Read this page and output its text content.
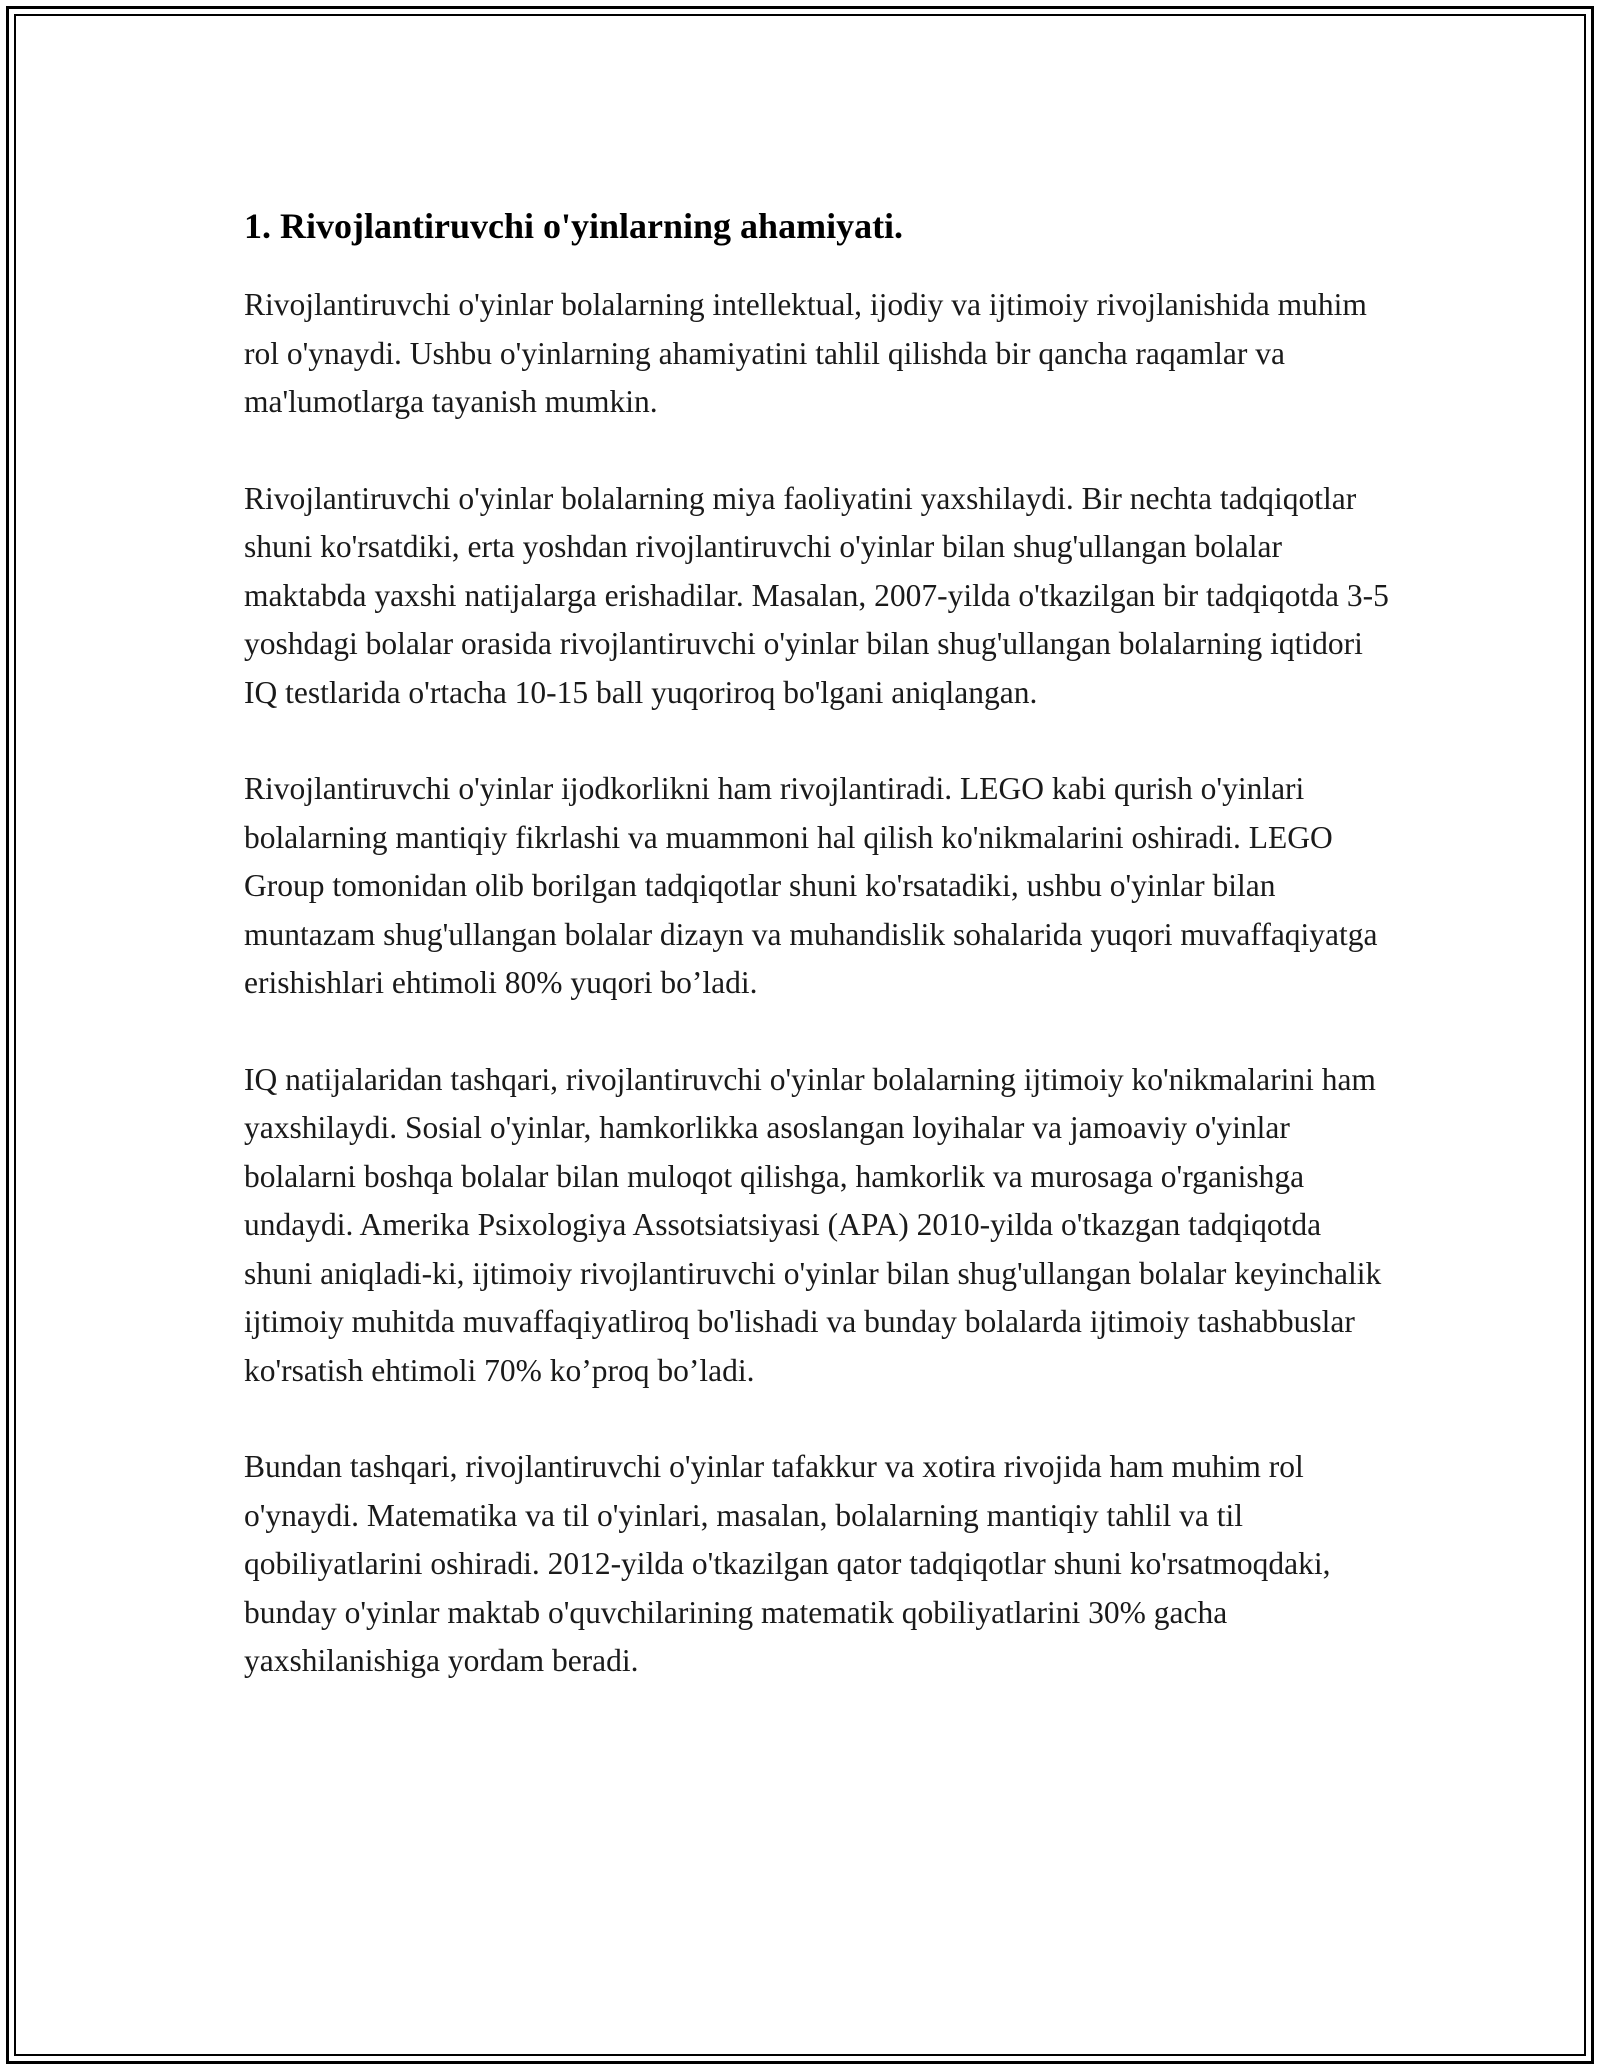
1. Rivojlantiruvchi o'yinlarning ahamiyati.

Rivojlantiruvchi o'yinlar bolalarning intellektual, ijodiy va ijtimoiy rivojlanishida muhim rol o'ynaydi. Ushbu o'yinlarning ahamiyatini tahlil qilishda bir qancha raqamlar va ma'lumotlarga tayanish mumkin.

Rivojlantiruvchi o'yinlar bolalarning miya faoliyatini yaxshilaydi. Bir nechta tadqiqotlar shuni ko'rsatdiki, erta yoshdan rivojlantiruvchi o'yinlar bilan shug'ullangan bolalar maktabda yaxshi natijalarga erishadilar. Masalan, 2007-yilda o'tkazilgan bir tadqiqotda 3-5 yoshdagi bolalar orasida rivojlantiruvchi o'yinlar bilan shug'ullangan bolalarning iqtidori IQ testlarida o'rtacha 10-15 ball yuqoriroq bo'lgani aniqlangan.

Rivojlantiruvchi o'yinlar ijodkorlikni ham rivojlantiradi. LEGO kabi qurish o'yinlari bolalarning mantiqiy fikrlashi va muammoni hal qilish ko'nikmalarini oshiradi. LEGO Group tomonidan olib borilgan tadqiqotlar shuni ko'rsatadiki, ushbu o'yinlar bilan muntazam shug'ullangan bolalar dizayn va muhandislik sohalarida yuqori muvaffaqiyatga erishishlari ehtimoli 80% yuqori bo’ladi.

IQ natijalaridan tashqari, rivojlantiruvchi o'yinlar bolalarning ijtimoiy ko'nikmalarini ham yaxshilaydi. Sosial o'yinlar, hamkorlikka asoslangan loyihalar va jamoaviy o'yinlar bolalarni boshqa bolalar bilan muloqot qilishga, hamkorlik va murosaga o'rganishga undaydi. Amerika Psixologiya Assotsiatsiyasi (APA) 2010-yilda o'tkazgan tadqiqotda shuni aniqladi-ki, ijtimoiy rivojlantiruvchi o'yinlar bilan shug'ullangan bolalar keyinchalik ijtimoiy muhitda muvaffaqiyatliroq bo'lishadi va bunday bolalarda ijtimoiy tashabbuslar ko'rsatish ehtimoli 70% ko’proq bo’ladi.

Bundan tashqari, rivojlantiruvchi o'yinlar tafakkur va xotira rivojida ham muhim rol o'ynaydi. Matematika va til o'yinlari, masalan, bolalarning mantiqiy tahlil va til qobiliyatlarini oshiradi. 2012-yilda o'tkazilgan qator tadqiqotlar shuni ko'rsatmoqdaki, bunday o'yinlar maktab o'quvchilarining matematik qobiliyatlarini 30% gacha yaxshilanishiga yordam beradi.
